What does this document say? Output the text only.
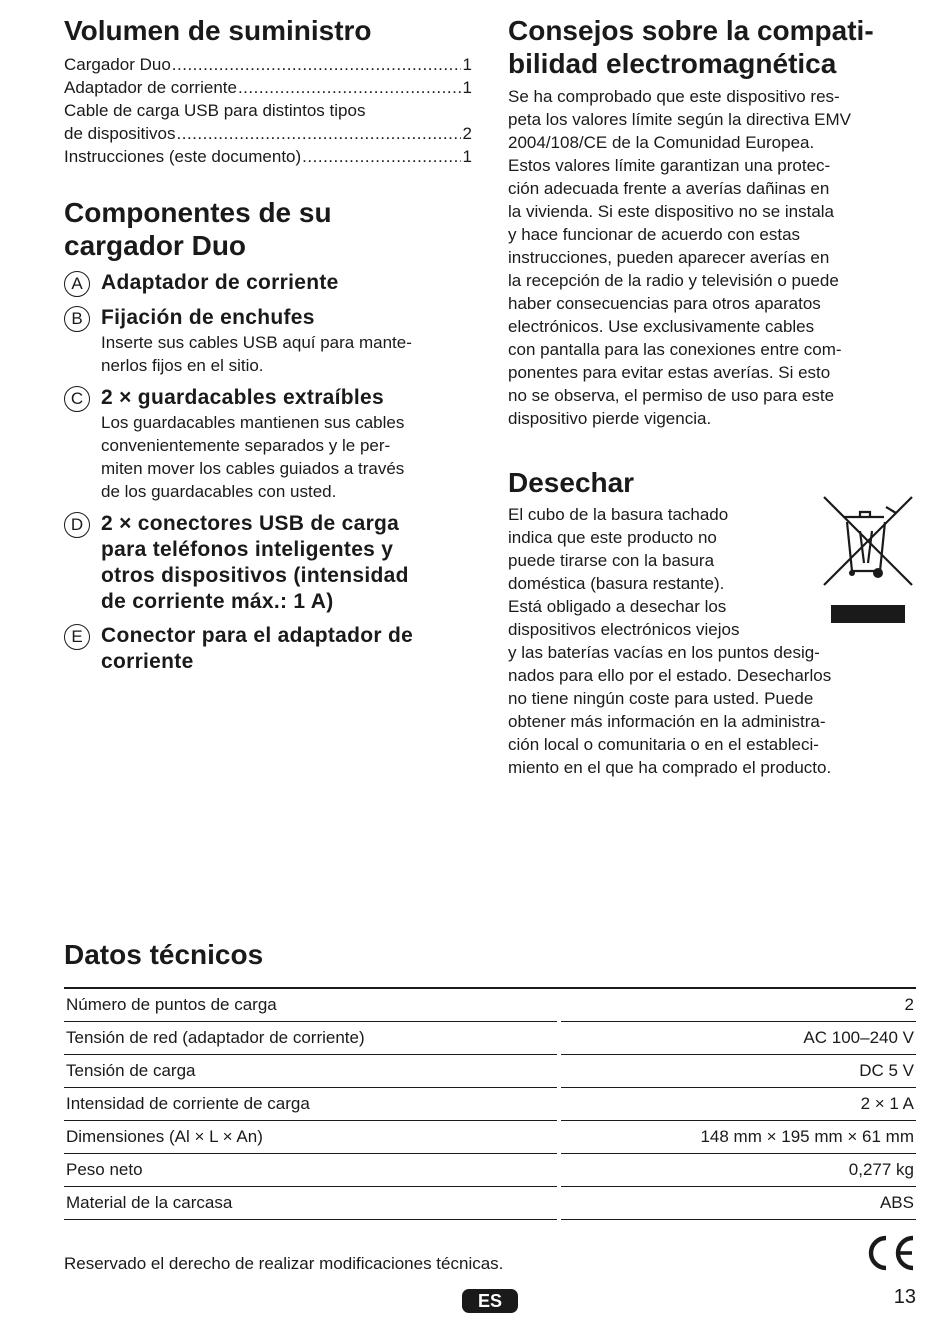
Volumen de suministro
Cargador Duo .....	1
Adaptador de corriente .....	1
Cable de carga USB para distintos tipos
de dispositivos .....	2
Instrucciones (este documento) .....	1
Componentes de su
cargador Duo
A Adaptador de corriente
B Fijación de enchufes
Inserte sus cables USB aquí para mante-
nerlos fijos en el sitio.
C 2 × guardacables extraíbles
Los guardacables mantienen sus cables
convenientemente separados y le per-
miten mover los cables guiados a través
de los guardacables con usted.
D 2 × conectores USB de carga
para teléfonos inteligentes y
otros dispositivos (intensidad
de corriente máx.: 1 A)
E Conector para el adaptador de
corriente
Consejos sobre la compati-
bilidad electromagnética
Se ha comprobado que este dispositivo res-
peta los valores límite según la directiva EMV
2004/108/CE de la Comunidad Europea.
Estos valores límite garantizan una protec-
ción adecuada frente a averías dañinas en
la vivienda. Si este dispositivo no se instala
y hace funcionar de acuerdo con estas
instrucciones, pueden aparecer averías en
la recepción de la radio y televisión o puede
haber consecuencias para otros aparatos
electrónicos. Use exclusivamente cables
con pantalla para las conexiones entre com-
ponentes para evitar estas averías. Si esto
no se observa, el permiso de uso para este
dispositivo pierde vigencia.
Desechar
El cubo de la basura tachado
indica que este producto no
puede tirarse con la basura
doméstica (basura restante).
Está obligado a desechar los
dispositivos electrónicos viejos
y las baterías vacías en los puntos desig-
nados para ello por el estado. Desecharlos
no tiene ningún coste para usted. Puede
obtener más información en la administra-
ción local o comunitaria o en el estableci-
miento en el que ha comprado el producto.
Datos técnicos
Número de puntos de carga		2
Tensión de red (adaptador de corriente)		AC 100–240 V
Tensión de carga		DC 5 V
Intensidad de corriente de carga		2 × 1 A
Dimensiones (Al × L × An)		148 mm × 195 mm × 61 mm
Peso neto		0,277 kg
Material de la carcasa		ABS
Reservado el derecho de realizar modificaciones técnicas.
ES	13
